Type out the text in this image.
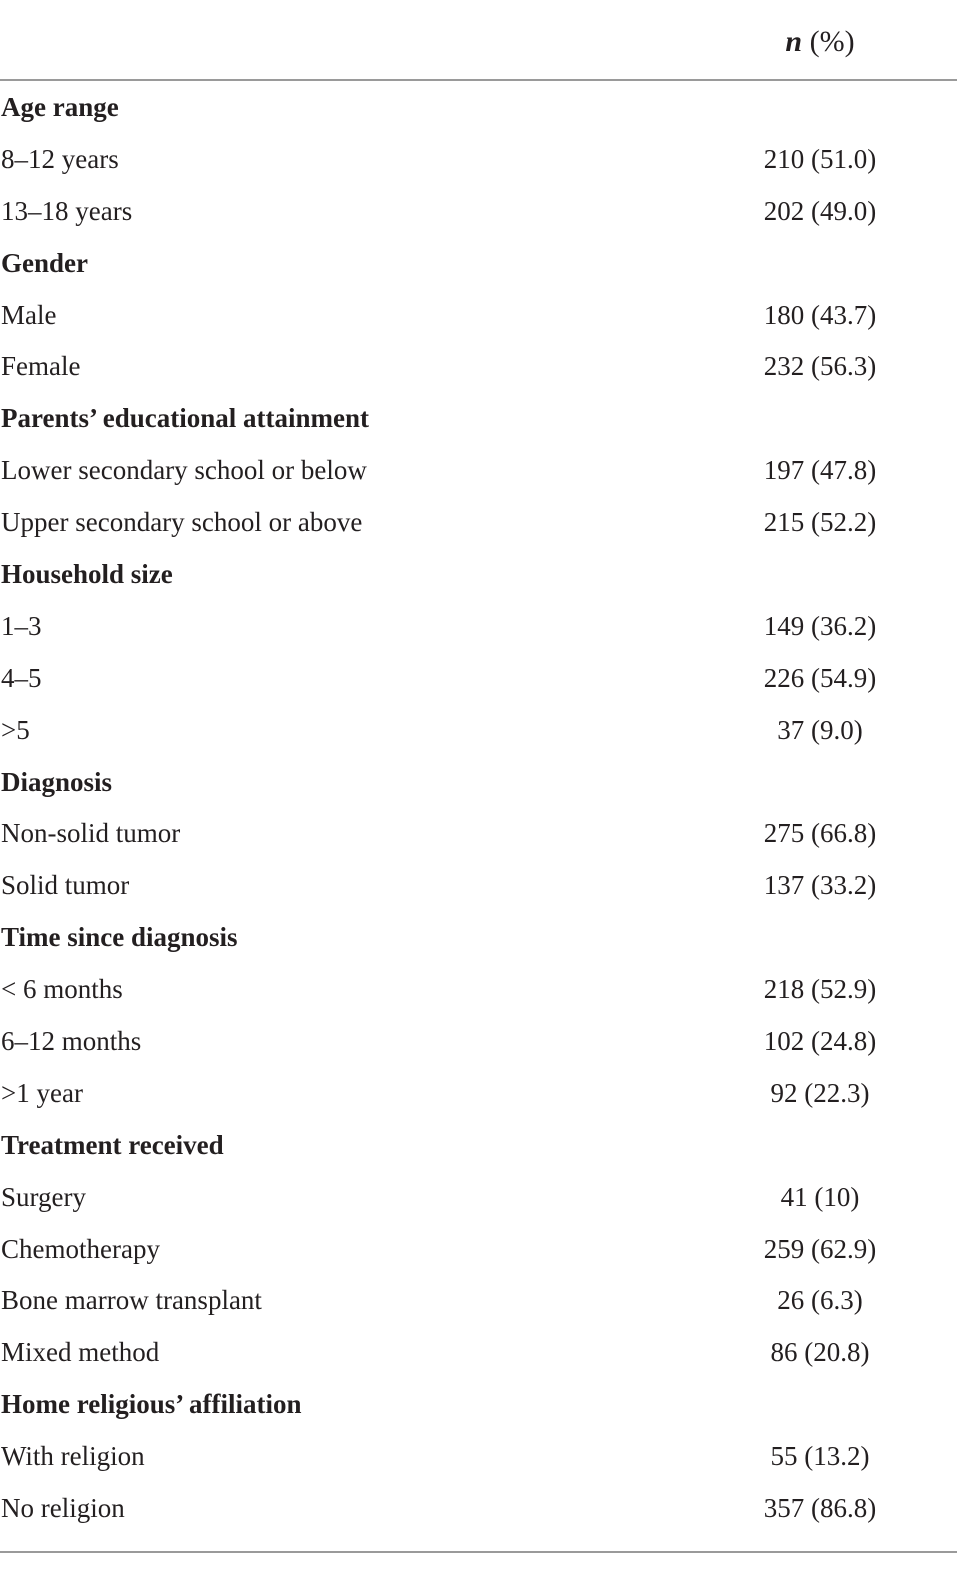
n (%)
Age range
8–12 years	210 (51.0)
13–18 years	202 (49.0)
Gender
Male	180 (43.7)
Female	232 (56.3)
Parents’ educational attainment
Lower secondary school or below	197 (47.8)
Upper secondary school or above	215 (52.2)
Household size
1–3	149 (36.2)
4–5	226 (54.9)
>5	37 (9.0)
Diagnosis
Non-solid tumor	275 (66.8)
Solid tumor	137 (33.2)
Time since diagnosis
< 6 months	218 (52.9)
6–12 months	102 (24.8)
>1 year	92 (22.3)
Treatment received
Surgery	41 (10)
Chemotherapy	259 (62.9)
Bone marrow transplant	26 (6.3)
Mixed method	86 (20.8)
Home religious’ affiliation
With religion	55 (13.2)
No religion	357 (86.8)
